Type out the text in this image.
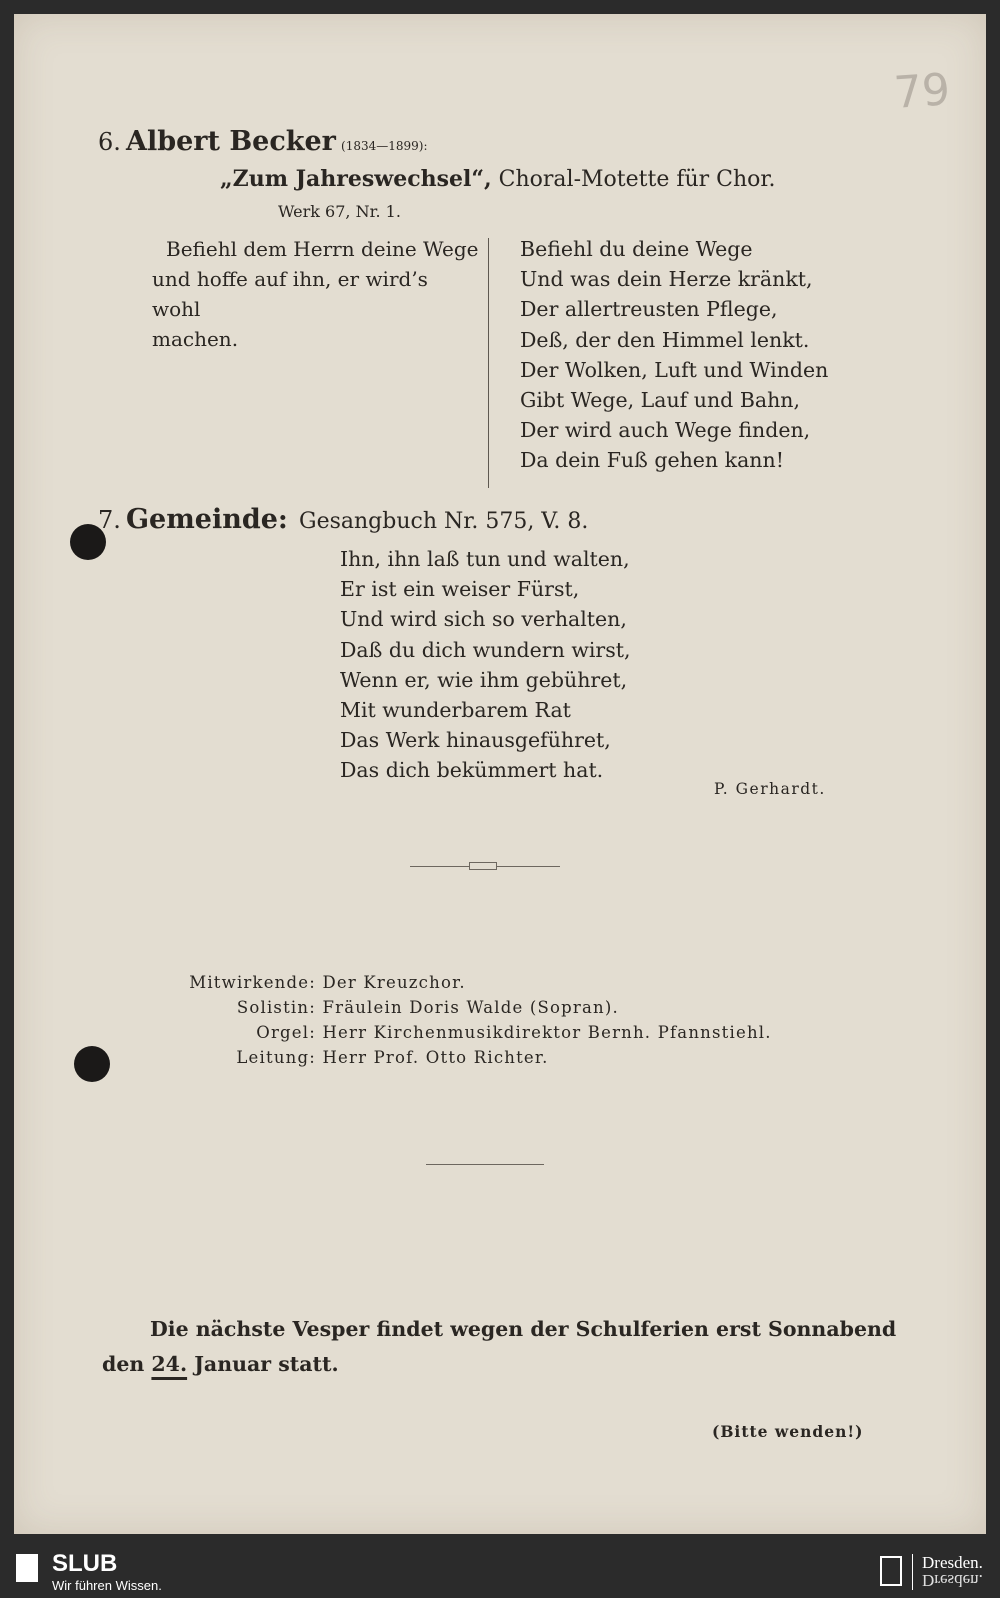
79
6. Albert Becker (1834—1899):
„Zum Jahreswechsel“, Choral-Motette für Chor.
Werk 67, Nr. 1.
Befiehl dem Herrn deine Wege
und hoffe auf ihn, er wird’s wohl
machen.
Befiehl du deine Wege
Und was dein Herze kränkt,
Der allertreusten Pflege,
Deß, der den Himmel lenkt.
Der Wolken, Luft und Winden
Gibt Wege, Lauf und Bahn,
Der wird auch Wege finden,
Da dein Fuß gehen kann!
7. Gemeinde: Gesangbuch Nr. 575, V. 8.
Ihn, ihn laß tun und walten,
Er ist ein weiser Fürst,
Und wird sich so verhalten,
Daß du dich wundern wirst,
Wenn er, wie ihm gebühret,
Mit wunderbarem Rat
Das Werk hinausgeführet,
Das dich bekümmert hat.
P. Gerhardt.
Mitwirkende: Der Kreuzchor.
Solistin: Fräulein Doris Walde (Sopran).
Orgel: Herr Kirchenmusikdirektor Bernh. Pfannstiehl.
Leitung: Herr Prof. Otto Richter.
Die nächste Vesper findet wegen der Schulferien erst Sonnabend
den 24. Januar statt.
(Bitte wenden!)
SLUB
Wir führen Wissen.
Dresden.
Dresden.
